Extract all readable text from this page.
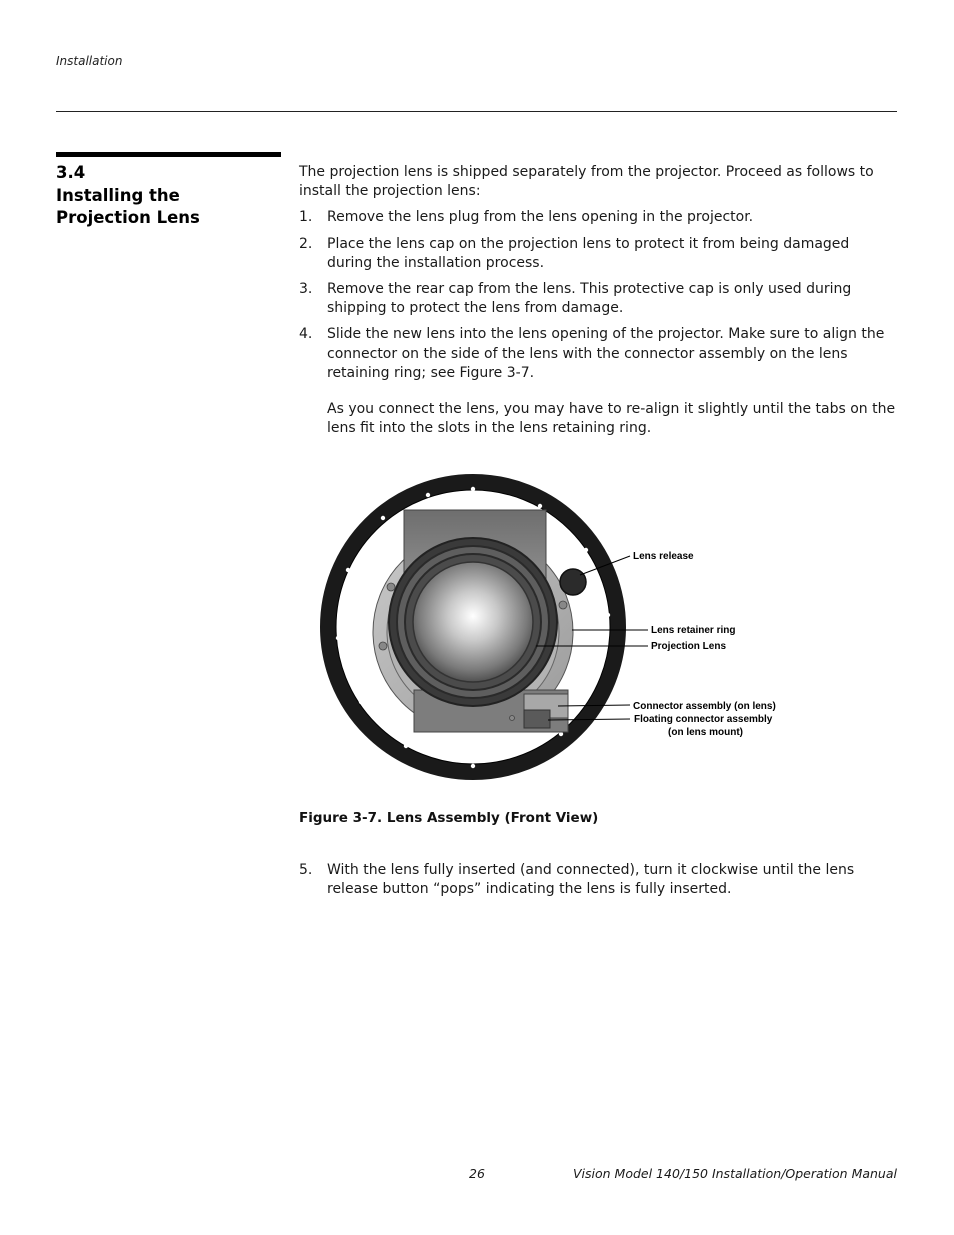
Installation
3.4
Installing the Projection Lens

The projection lens is shipped separately from the projector. Proceed as follows to install the projection lens:

1. Remove the lens plug from the lens opening in the projector.

2. Place the lens cap on the projection lens to protect it from being damaged during the installation process.

3. Remove the rear cap from the lens. This protective cap is only used during shipping to protect the lens from damage.

4. Slide the new lens into the lens opening of the projector. Make sure to align the connector on the side of the lens with the connector assembly on the lens retaining ring; see Figure 3-7.

As you connect the lens, you may have to re-align it slightly until the tabs on the lens fit into the slots in the lens retaining ring.

Lens release
Lens retainer ring
Projection Lens
Connector assembly (on lens)
Floating connector assembly
(on lens mount)
Figure 3-7. Lens Assembly (Front View)
5. With the lens fully inserted (and connected), turn it clockwise until the lens release button “pops” indicating the lens is fully inserted.

26	Vision Model 140/150 Installation/Operation Manual
